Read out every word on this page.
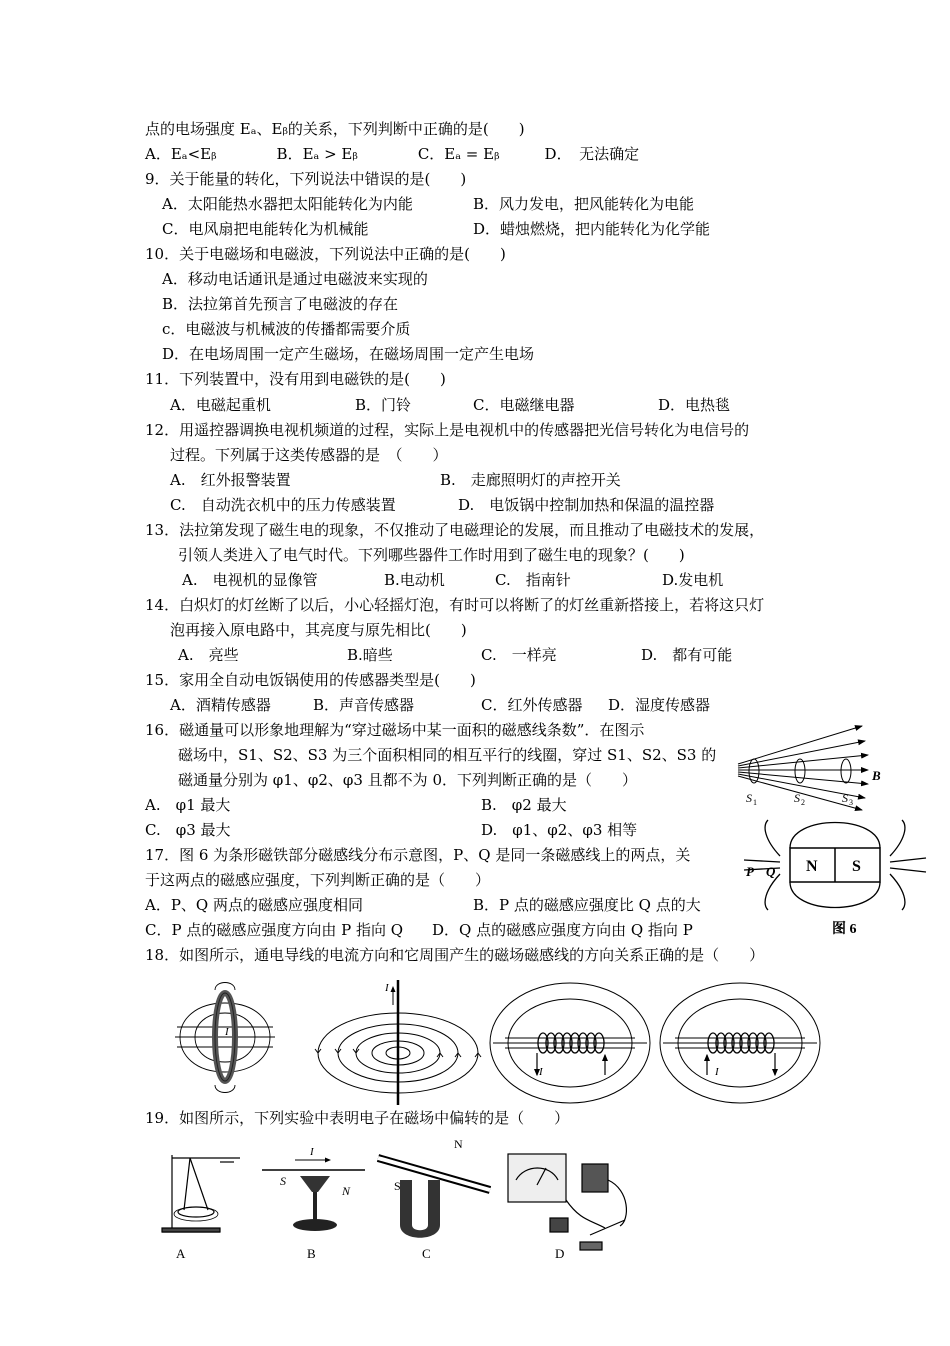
点的电场强度 Eₐ、Eᵦ的关系，下列判断中正确的是(　　)
A．Eₐ<Eᵦ　　　　B．Eₐ > Eᵦ　　　　C．Eₐ = Eᵦ　　　D．　无法确定
9．关于能量的转化，下列说法中错误的是(　　)
A．太阳能热水器把太阳能转化为内能	B．风力发电，把风能转化为电能
C．电风扇把电能转化为机械能	D．蜡烛燃烧，把内能转化为化学能
10．关于电磁场和电磁波，下列说法中正确的是(　　)
A．移动电话通讯是通过电磁波来实现的
B．法拉第首先预言了电磁波的存在
c．电磁波与机械波的传播都需要介质
D．在电场周围一定产生磁场，在磁场周围一定产生电场
11．下列装置中，没有用到电磁铁的是(　　)
A．电磁起重机	B．门铃	C．电磁继电器	D．电热毯
12．用遥控器调换电视机频道的过程，实际上是电视机中的传感器把光信号转化为电信号的
过程。下列属于这类传感器的是　（　　）
A.　红外报警装置	B.　走廊照明灯的声控开关
C.　自动洗衣机中的压力传感装置	D.　电饭锅中控制加热和保温的温控器
13．法拉第发现了磁生电的现象，不仅推动了电磁理论的发展，而且推动了电磁技术的发展，
引领人类进入了电气时代。下列哪些器件工作时用到了磁生电的现象？(　　)
A.　电视机的显像管	B.电动机	C.　指南针	D.发电机
14．白炽灯的灯丝断了以后，小心轻摇灯泡，有时可以将断了的灯丝重新搭接上，若将这只灯
泡再接入原电路中，其亮度与原先相比(　　)
A.　亮些	B.暗些	C.　一样亮	D.　都有可能
15．家用全自动电饭锅使用的传感器类型是(　　)
A．酒精传感器	B．声音传感器	C．红外传感器 D．湿度传感器
16．磁通量可以形象地理解为“穿过磁场中某一面积的磁感线条数”．在图示
磁场中，S1、S2、S3 为三个面积相同的相互平行的线圈，穿过 S1、S2、S3 的
磁通量分别为 φ1、φ2、φ3 且都不为 0．下列判断正确的是（　　）
A.　φ1 最大	B.　φ2 最大
C.　φ3 最大	D.　φ1、φ2、φ3 相等
17．图 6 为条形磁铁部分磁感线分布示意图，P、Q 是同一条磁感线上的两点，关
于这两点的磁感应强度，下列判断正确的是（　　）
A．P、Q 两点的磁感应强度相同	B．P 点的磁感应强度比 Q 点的大
C．P 点的磁感应强度方向由 P 指向 Q D．Q 点的磁感应强度方向由 Q 指向 P
18．如图所示，通电导线的电流方向和它周围产生的磁场磁感线的方向关系正确的是（　　）
19．如图所示，下列实验中表明电子在磁场中偏转的是（　　）
B
S 1	S 2	S 3
N S
P Q
图 6
I
I
I	I
A
S
N
I
B
N
S
C	D
